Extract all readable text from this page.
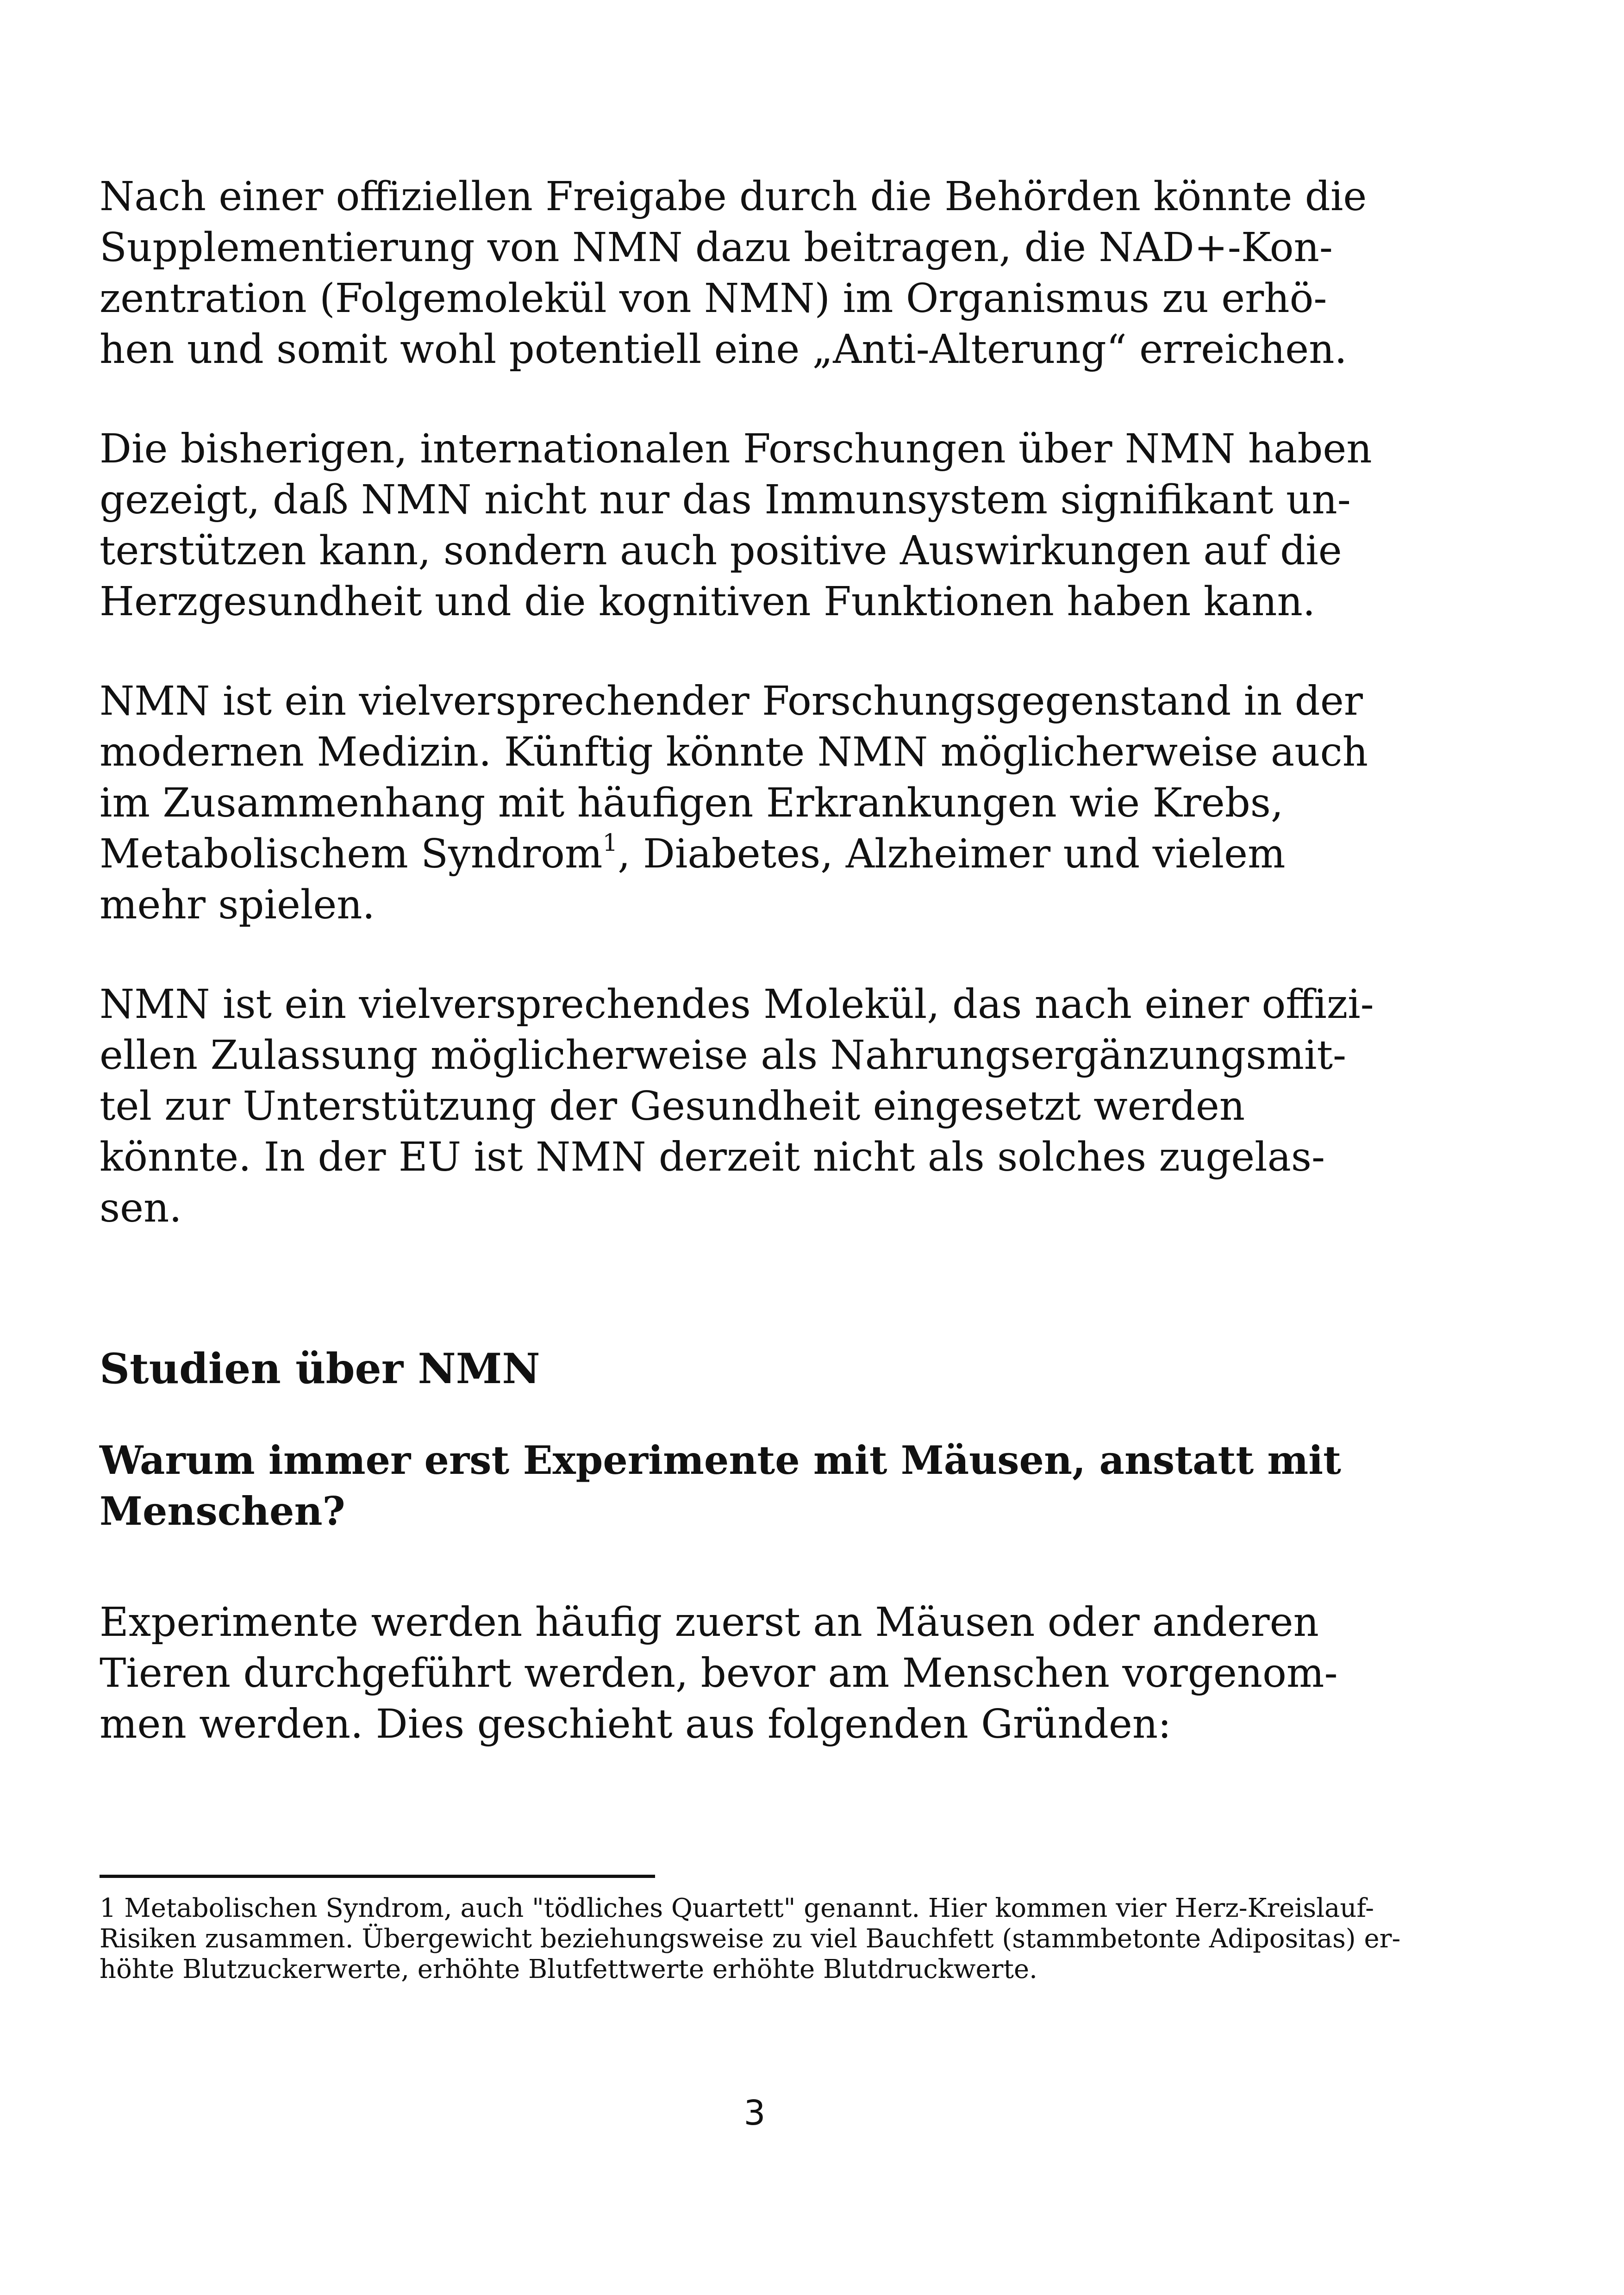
Nach einer offiziellen Freigabe durch die Behörden könnte die
Supplementierung von NMN dazu beitragen, die NAD+-Kon-
zentration (Folgemolekül von NMN) im Organismus zu erhö-
hen und somit wohl potentiell eine „Anti-Alterung“ erreichen.
Die bisherigen, internationalen Forschungen über NMN haben
gezeigt, daß NMN nicht nur das Immunsystem signifikant un-
terstützen kann, sondern auch positive Auswirkungen auf die
Herzgesundheit und die kognitiven Funktionen haben kann.
NMN ist ein vielversprechender Forschungsgegenstand in der
modernen Medizin. Künftig könnte NMN möglicherweise auch
im Zusammenhang mit häufigen Erkrankungen wie Krebs,
Metabolischem Syndrom$^1$, Diabetes, Alzheimer und vielem
mehr spielen.
NMN ist ein vielversprechendes Molekül, das nach einer offizi-
ellen Zulassung möglicherweise als Nahrungsergänzungsmit-
tel zur Unterstützung der Gesundheit eingesetzt werden
könnte. In der EU ist NMN derzeit nicht als solches zugelas-
sen.
Studien über NMN
Warum immer erst Experimente mit Mäusen, anstatt mit
Menschen?
Experimente werden häufig zuerst an Mäusen oder anderen
Tieren durchgeführt werden, bevor am Menschen vorgenom-
men werden. Dies geschieht aus folgenden Gründen:
1 Metabolischen Syndrom, auch "tödliches Quartett" genannt. Hier kommen vier Herz-Kreislauf-
Risiken zusammen. Übergewicht beziehungsweise zu viel Bauchfett (stammbetonte Adipositas) er-
höhte Blutzuckerwerte, erhöhte Blutfettwerte erhöhte Blutdruckwerte.
3
